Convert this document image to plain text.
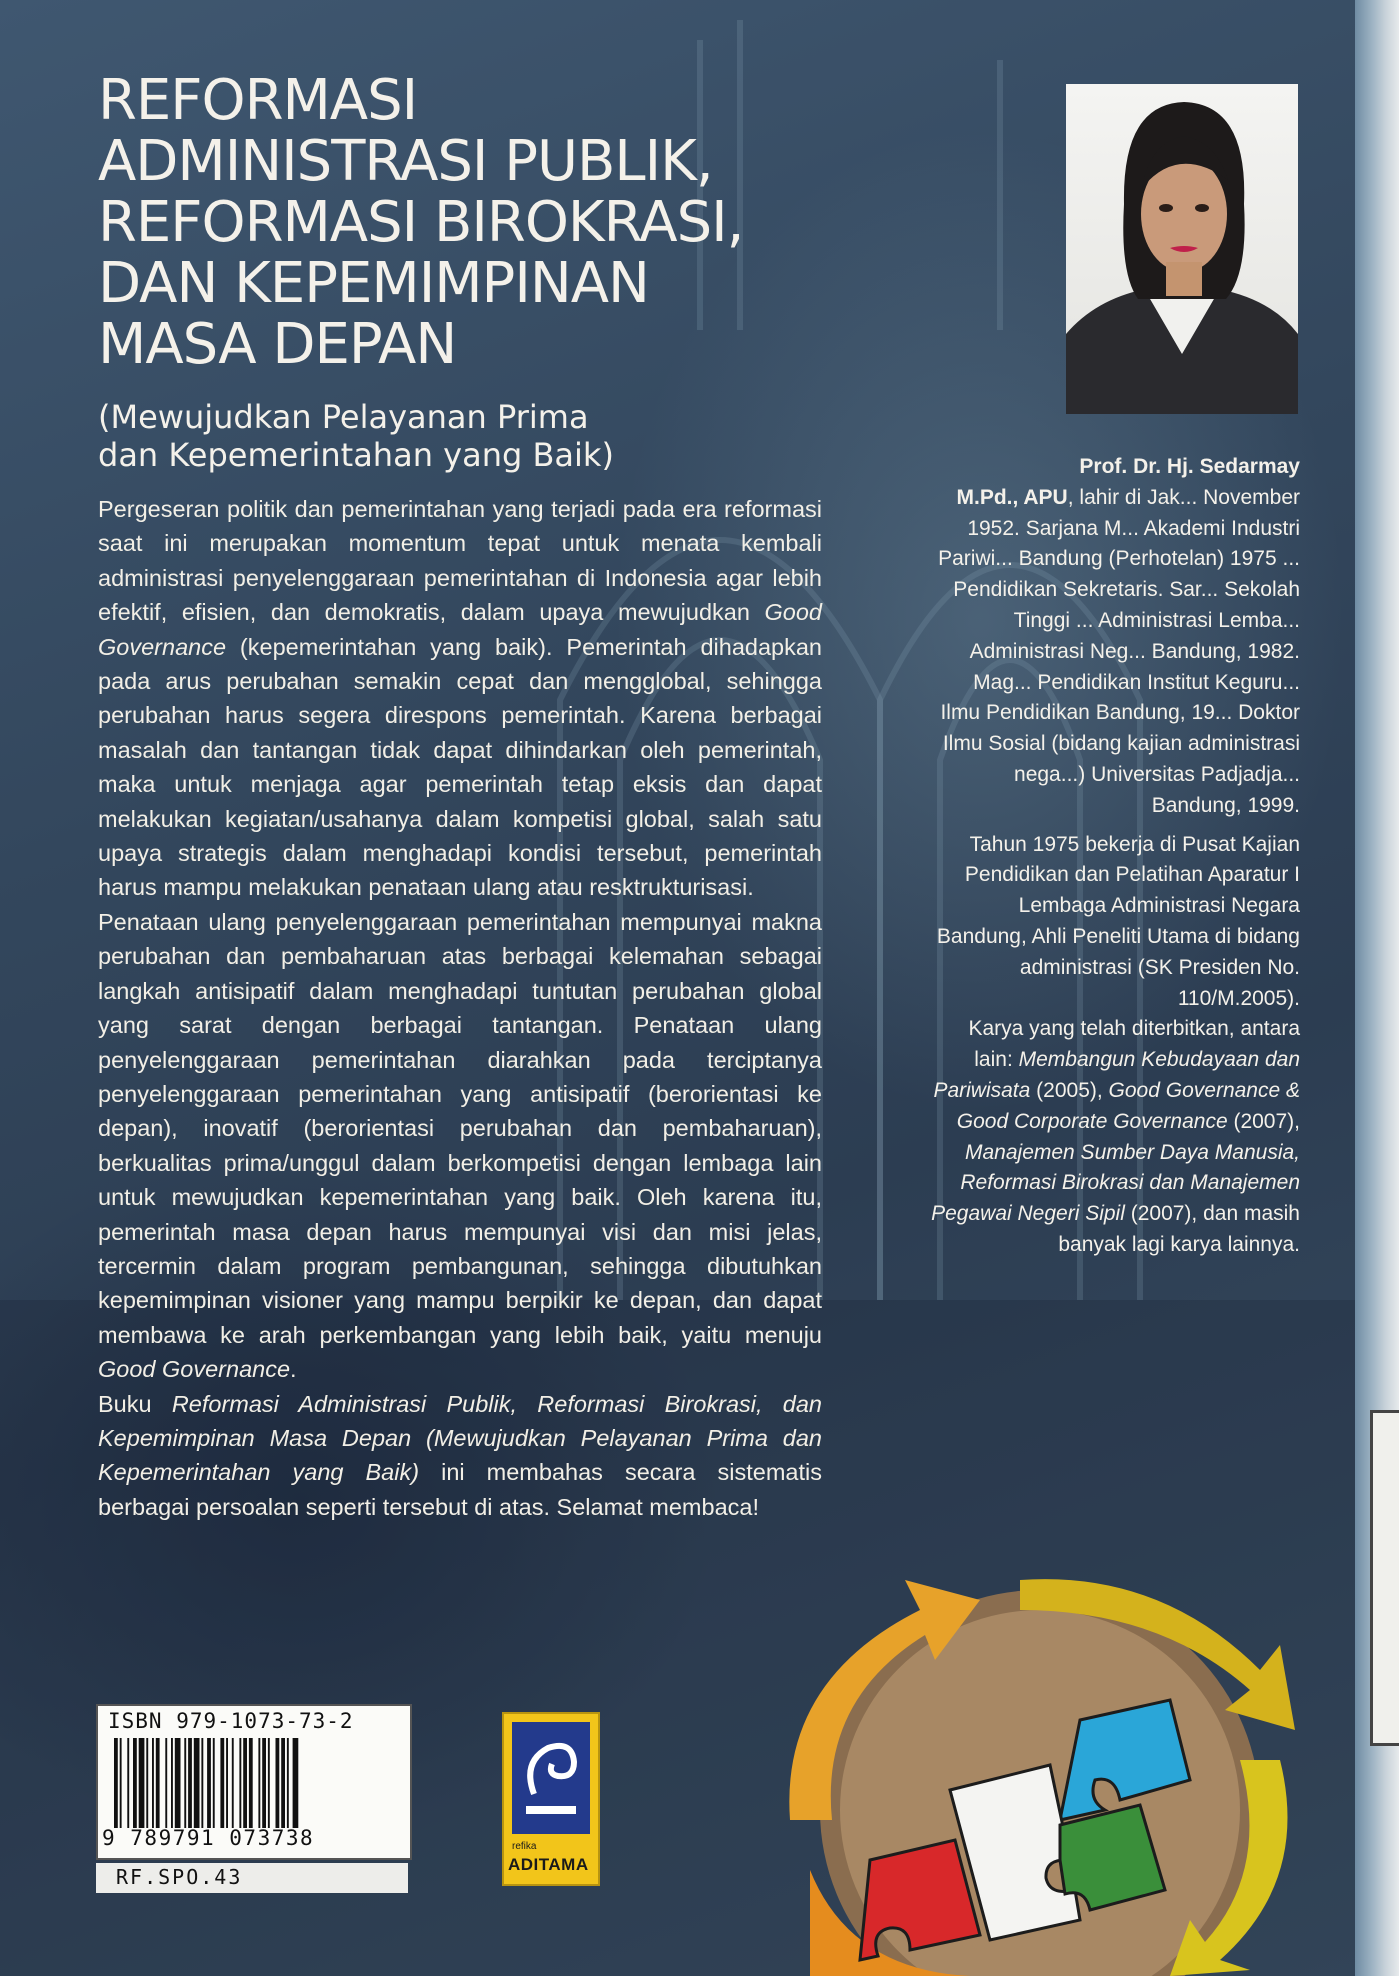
REFORMASI
ADMINISTRASI PUBLIK,
REFORMASI BIROKRASI,
DAN KEPEMIMPINAN
MASA DEPAN
(Mewujudkan Pelayanan Prima
dan Kepemerintahan yang Baik)

Pergeseran politik dan pemerintahan yang terjadi pada era reformasi saat ini merupakan momentum tepat untuk menata kembali administrasi penyelenggaraan pemerintahan di Indonesia agar lebih efektif, efisien, dan demokratis, dalam upaya mewujudkan Good Governance (kepemerintahan yang baik). Pemerintah dihadapkan pada arus perubahan semakin cepat dan mengglobal, sehingga perubahan harus segera direspons pemerintah. Karena berbagai masalah dan tantangan tidak dapat dihindarkan oleh pemerintah, maka untuk menjaga agar pemerintah tetap eksis dan dapat melakukan kegiatan/usahanya dalam kompetisi global, salah satu upaya strategis dalam menghadapi kondisi tersebut, pemerintah harus mampu melakukan penataan ulang atau resktrukturisasi.

Penataan ulang penyelenggaraan pemerintahan mempunyai makna perubahan dan pembaharuan atas berbagai kelemahan sebagai langkah antisipatif dalam menghadapi tuntutan perubahan global yang sarat dengan berbagai tantangan. Penataan ulang penyelenggaraan pemerintahan diarahkan pada terciptanya penyelenggaraan pemerintahan yang antisipatif (berorientasi ke depan), inovatif (berorientasi perubahan dan pembaharuan), berkualitas prima/unggul dalam berkompetisi dengan lembaga lain untuk mewujudkan kepemerintahan yang baik. Oleh karena itu, pemerintah masa depan harus mempunyai visi dan misi jelas, tercermin dalam program pembangunan, sehingga dibutuhkan kepemimpinan visioner yang mampu berpikir ke depan, dan dapat membawa ke arah perkembangan yang lebih baik, yaitu menuju Good Governance.

Buku Reformasi Administrasi Publik, Reformasi Birokrasi, dan Kepemimpinan Masa Depan (Mewujudkan Pelayanan Prima dan Kepemerintahan yang Baik) ini membahas secara sistematis berbagai persoalan seperti tersebut di atas. Selamat membaca!

Prof. Dr. Hj. Sedarmay
M.Pd., APU, lahir di Jak... November 1952. Sarjana M... Akademi Industri Pariwi... Bandung (Perhotelan) 1975 ... Pendidikan Sekretaris. Sar... Sekolah Tinggi ... Administrasi Lemba... Administrasi Neg... Bandung, 1982. Mag... Pendidikan Institut Keguru... Ilmu Pendidikan Bandung, 19... Doktor Ilmu Sosial (bidang kajian administrasi nega...) Universitas Padjadja... Bandung, 1999.

Tahun 1975 bekerja di Pusat Kajian Pendidikan dan Pelatihan Aparatur I Lembaga Administrasi Negara Bandung, Ahli Peneliti Utama di bidang administrasi (SK Presiden No. 110/M.2005).

Karya yang telah diterbitkan, antara lain: Membangun Kebudayaan dan Pariwisata (2005), Good Governance & Good Corporate Governance (2007), Manajemen Sumber Daya Manusia, Reformasi Birokrasi dan Manajemen Pegawai Negeri Sipil (2007), dan masih banyak lagi karya lainnya.

ISBN 979-1073-73-2
9 789791 073738
RF.SPO.43
refika
ADITAMA
